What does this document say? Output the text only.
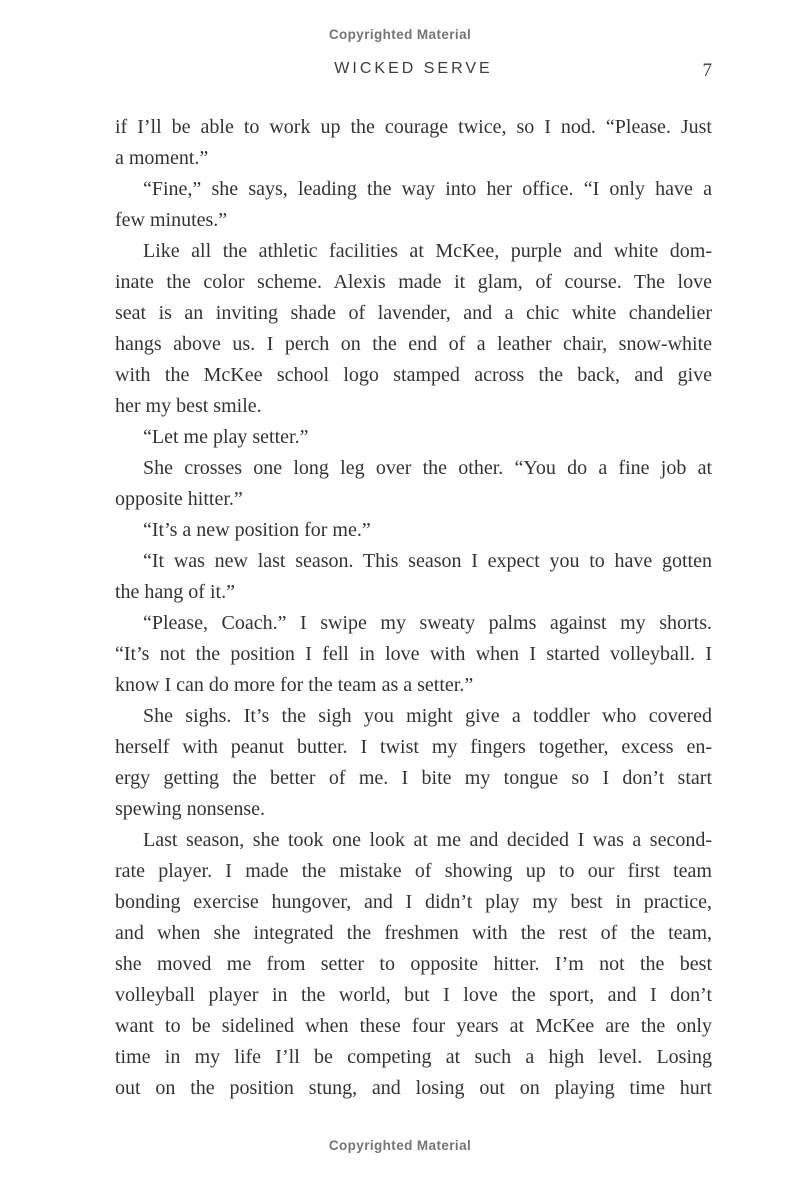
Copyrighted Material
WICKED SERVE	7
if I’ll be able to work up the courage twice, so I nod. “Please. Just
a moment.”
“Fine,” she says, leading the way into her office. “I only have a
few minutes.”
Like all the athletic facilities at McKee, purple and white dom-
inate the color scheme. Alexis made it glam, of course. The love
seat is an inviting shade of lavender, and a chic white chandelier
hangs above us. I perch on the end of a leather chair, snow-white
with the McKee school logo stamped across the back, and give
her my best smile.
“Let me play setter.”
She crosses one long leg over the other. “You do a fine job at
opposite hitter.”
“It’s a new position for me.”
“It was new last season. This season I expect you to have gotten
the hang of it.”
“Please, Coach.” I swipe my sweaty palms against my shorts.
“It’s not the position I fell in love with when I started volleyball. I
know I can do more for the team as a setter.”
She sighs. It’s the sigh you might give a toddler who covered
herself with peanut butter. I twist my fingers together, excess en-
ergy getting the better of me. I bite my tongue so I don’t start
spewing nonsense.
Last season, she took one look at me and decided I was a second-
rate player. I made the mistake of showing up to our first team
bonding exercise hungover, and I didn’t play my best in practice,
and when she integrated the freshmen with the rest of the team,
she moved me from setter to opposite hitter. I’m not the best
volleyball player in the world, but I love the sport, and I don’t
want to be sidelined when these four years at McKee are the only
time in my life I’ll be competing at such a high level. Losing
out on the position stung, and losing out on playing time hurt
Copyrighted Material
